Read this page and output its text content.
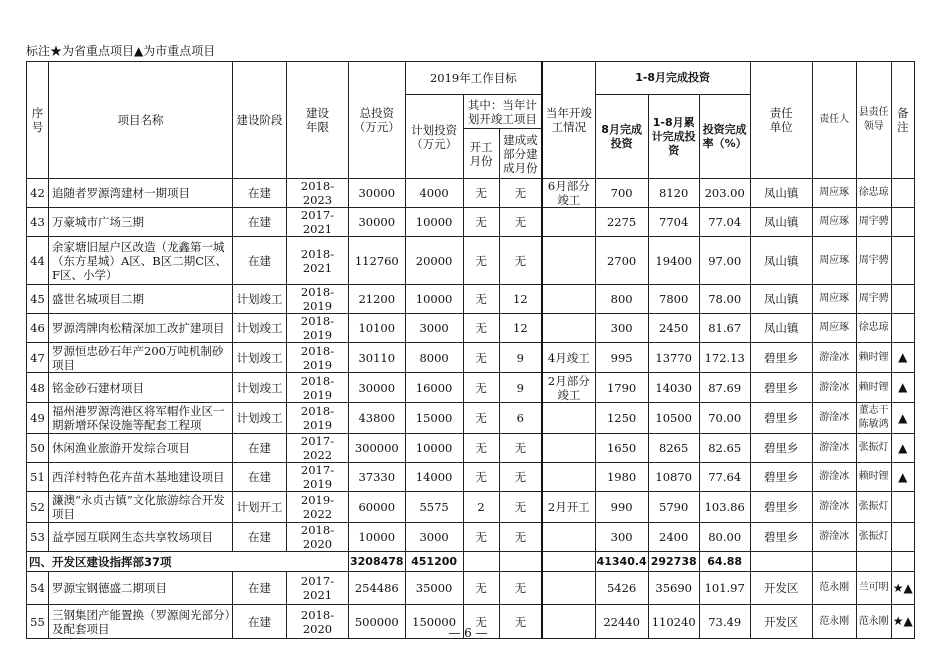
标注★为省重点项目▲为市重点项目
序号	项目名称	建设阶段	建设年限	总投资（万元）	2019年工作目标			当年开竣工情况	1-8月完成投资			责任单位	责任人	县责任领导	备注
					计划投资（万元）	其中：当年计划开竣工项目			8月完成投资	1-8月累计完成投资	投资完成率（%）				
						开工月份	建成或部分建成月份								
42	追随者罗源湾建材一期项目	在建	2018-2023	30000	4000	无	无	6月部分竣工	700	8120	203.00	凤山镇	周应琢	徐忠琼	
43	万豪城市广场三期	在建	2017-2021	30000	10000	无	无		2275	7704	77.04	凤山镇	周应琢	周宇骋	
44	余家塘旧屋户区改造（龙鑫第一城（东方星城）A区、B区二期C区、F区、小学）	在建	2018-2021	112760	20000	无	无		2700	19400	97.00	凤山镇	周应琢	周宇骋	
45	盛世名城项目二期	计划竣工	2018-2019	21200	10000	无	12		800	7800	78.00	凤山镇	周应琢	周宇骋	
46	罗源湾牌肉松精深加工改扩建项目	计划竣工	2018-2019	10100	3000	无	12		300	2450	81.67	凤山镇	周应琢	徐忠琼	
47	罗源恒忠砂石年产200万吨机制砂项目	计划竣工	2018-2019	30110	8000	无	9	4月竣工	995	13770	172.13	碧里乡	游淦冰	赖时锂	▲
48	铭金砂石建材项目	计划竣工	2018-2019	30000	16000	无	9	2月部分竣工	1790	14030	87.69	碧里乡	游淦冰	赖时锂	▲
49	福州港罗源湾港区将军帽作业区一期新增环保设施等配套工程项	计划竣工	2018-2019	43800	15000	无	6		1250	10500	70.00	碧里乡	游淦冰	董志干陈敏鸿	▲
50	休闲渔业旅游开发综合项目	在建	2017-2022	300000	10000	无	无		1650	8265	82.65	碧里乡	游淦冰	张振灯	▲
51	西洋村特色花卉苗木基地建设项目	在建	2017-2019	37330	14000	无	无		1980	10870	77.64	碧里乡	游淦冰	赖时锂	▲
52	濂澳“永贞古镇”文化旅游综合开发项目	计划开工	2019-2022	60000	5575	2	无	2月开工	990	5790	103.86	碧里乡	游淦冰	张振灯	
53	益亭园互联网生态共享牧场项目	在建	2018-2020	10000	3000	无	无		300	2400	80.00	碧里乡	游淦冰	张振灯	
四、开发区建设指挥部37项				3208478	451200				41340.4	292738	64.88				
54	罗源宝钢德盛二期项目	在建	2017-2021	254486	35000	无	无		5426	35690	101.97	开发区	范永刚	兰可明	★▲
55	三钢集团产能置换（罗源闽光部分）及配套项目	在建	2018-2020	500000	150000	无	无		22440	110240	73.49	开发区	范永刚	范永刚	★▲
— 6 —
